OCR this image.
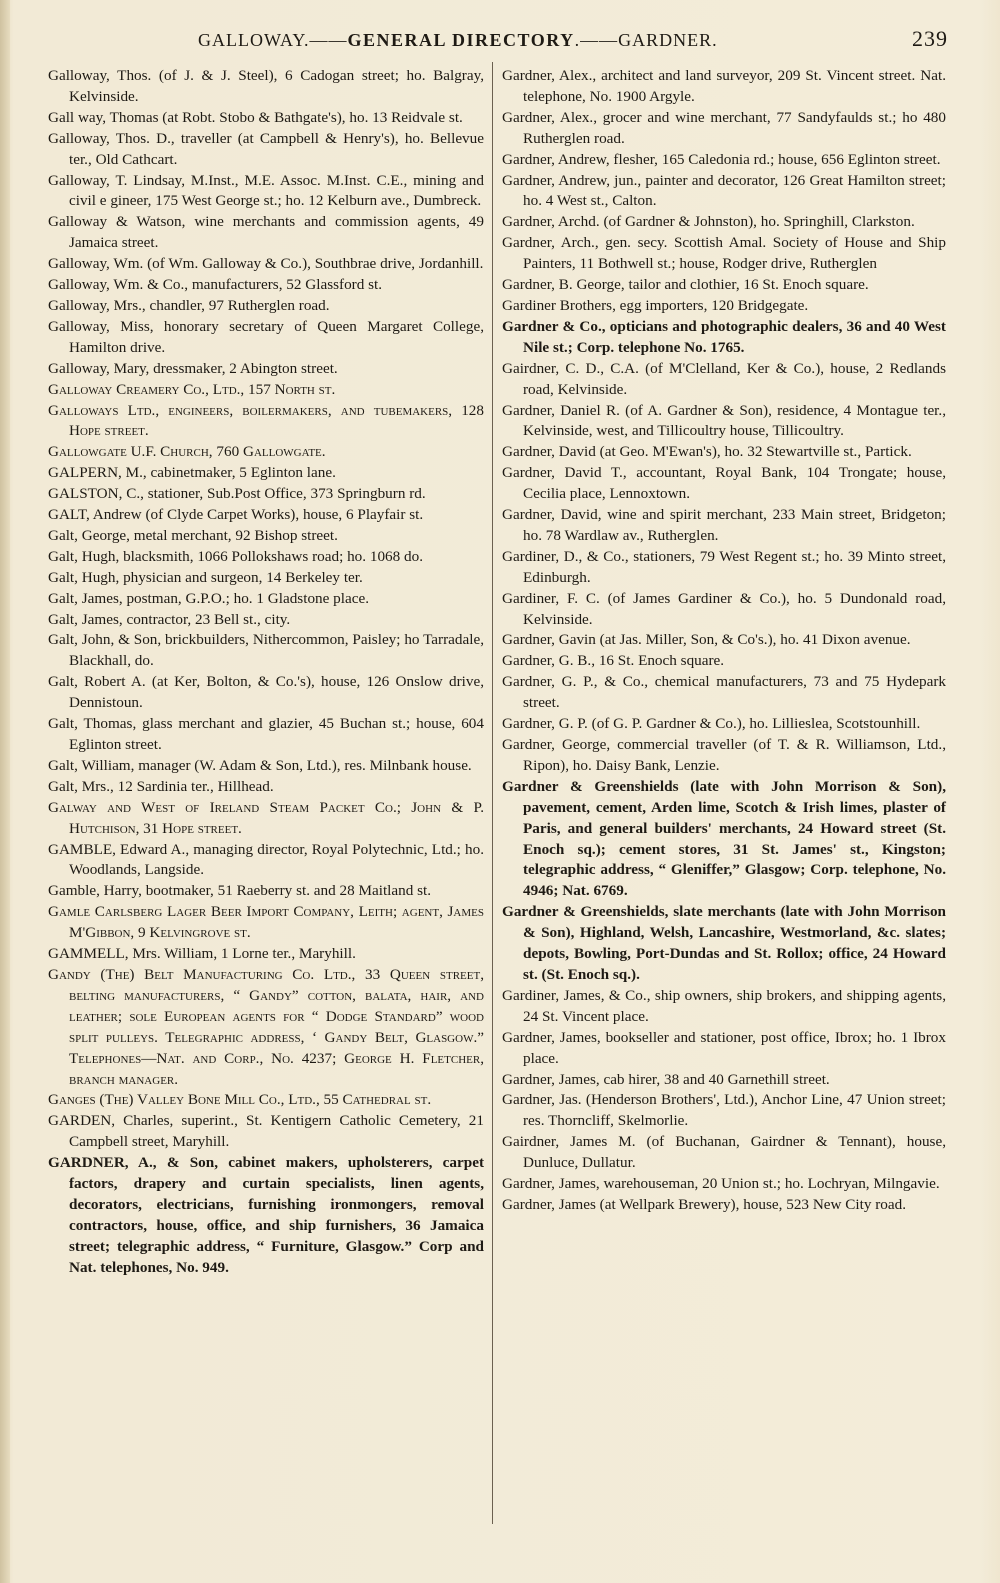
GALLOWAY.——GENERAL DIRECTORY.——GARDNER.	239

Galloway, Thos. (of J. & J. Steel), 6 Cadogan street; ho. Balgray, Kelvinside.

Gall way, Thomas (at Robt. Stobo & Bathgate's), ho. 13 Reidvale st.

Galloway, Thos. D., traveller (at Campbell & Henry's), ho. Bellevue ter., Old Cathcart.

Galloway, T. Lindsay, M.Inst., M.E. Assoc. M.Inst. C.E., mining and civil e gineer, 175 West George st.; ho. 12 Kelburn ave., Dumbreck.

Galloway & Watson, wine merchants and commission agents, 49 Jamaica street.

Galloway, Wm. (of Wm. Galloway & Co.), Southbrae drive, Jordanhill.

Galloway, Wm. & Co., manufacturers, 52 Glassford st.

Galloway, Mrs., chandler, 97 Rutherglen road.

Galloway, Miss, honorary secretary of Queen Margaret College, Hamilton drive.

Galloway, Mary, dressmaker, 2 Abington street.

Galloway Creamery Co., Ltd., 157 North st.

Galloways Ltd., engineers, boilermakers, and tubemakers, 128 Hope street.

Gallowgate U.F. Church, 760 Gallowgate.

GALPERN, M., cabinetmaker, 5 Eglinton lane.

GALSTON, C., stationer, Sub.Post Office, 373 Springburn rd.

GALT, Andrew (of Clyde Carpet Works), house, 6 Playfair st.

Galt, George, metal merchant, 92 Bishop street.

Galt, Hugh, blacksmith, 1066 Pollokshaws road; ho. 1068 do.

Galt, Hugh, physician and surgeon, 14 Berkeley ter.

Galt, James, postman, G.P.O.; ho. 1 Gladstone place.

Galt, James, contractor, 23 Bell st., city.

Galt, John, & Son, brickbuilders, Nithercommon, Paisley; ho Tarradale, Blackhall, do.

Galt, Robert A. (at Ker, Bolton, & Co.'s), house, 126 Onslow drive, Dennistoun.

Galt, Thomas, glass merchant and glazier, 45 Buchan st.; house, 604 Eglinton street.

Galt, William, manager (W. Adam & Son, Ltd.), res. Milnbank house.

Galt, Mrs., 12 Sardinia ter., Hillhead.

Galway and West of Ireland Steam Packet Co.; John & P. Hutchison, 31 Hope street.

GAMBLE, Edward A., managing director, Royal Polytechnic, Ltd.; ho. Woodlands, Langside.

Gamble, Harry, bootmaker, 51 Raeberry st. and 28 Maitland st.

Gamle Carlsberg Lager Beer Import Company, Leith; agent, James M'Gibbon, 9 Kelvingrove st.

GAMMELL, Mrs. William, 1 Lorne ter., Maryhill.

Gandy (The) Belt Manufacturing Co. Ltd., 33 Queen street, belting manufacturers, “ Gandy” cotton, balata, hair, and leather; sole European agents for “ Dodge Standard” wood split pulleys. Telegraphic address, ‘ Gandy Belt, Glasgow.” Telephones—Nat. and Corp., No. 4237; George H. Fletcher, branch manager.

Ganges (The) Valley Bone Mill Co., Ltd., 55 Cathedral st.

GARDEN, Charles, superint., St. Kentigern Catholic Cemetery, 21 Campbell street, Maryhill.

GARDNER, A., & Son, cabinet makers, upholsterers, carpet factors, drapery and curtain specialists, linen agents, decorators, electricians, furnishing ironmongers, removal contractors, house, office, and ship furnishers, 36 Jamaica street; telegraphic address, “ Furniture, Glasgow.” Corp and Nat. telephones, No. 949.

Gardner, Alex., architect and land surveyor, 209 St. Vincent street. Nat. telephone, No. 1900 Argyle.

Gardner, Alex., grocer and wine merchant, 77 Sandyfaulds st.; ho 480 Rutherglen road.

Gardner, Andrew, flesher, 165 Caledonia rd.; house, 656 Eglinton street.

Gardner, Andrew, jun., painter and decorator, 126 Great Hamilton street; ho. 4 West st., Calton.

Gardner, Archd. (of Gardner & Johnston), ho. Springhill, Clarkston.

Gardner, Arch., gen. secy. Scottish Amal. Society of House and Ship Painters, 11 Bothwell st.; house, Rodger drive, Rutherglen

Gardner, B. George, tailor and clothier, 16 St. Enoch square.

Gardiner Brothers, egg importers, 120 Bridgegate.

Gardner & Co., opticians and photographic dealers, 36 and 40 West Nile st.; Corp. telephone No. 1765.

Gairdner, C. D., C.A. (of M'Clelland, Ker & Co.), house, 2 Redlands road, Kelvinside.

Gardner, Daniel R. (of A. Gardner & Son), residence, 4 Montague ter., Kelvinside, west, and Tillicoultry house, Tillicoultry.

Gardner, David (at Geo. M'Ewan's), ho. 32 Stewartville st., Partick.

Gardner, David T., accountant, Royal Bank, 104 Trongate; house, Cecilia place, Lennoxtown.

Gardner, David, wine and spirit merchant, 233 Main street, Bridgeton; ho. 78 Wardlaw av., Rutherglen.

Gardiner, D., & Co., stationers, 79 West Regent st.; ho. 39 Minto street, Edinburgh.

Gardiner, F. C. (of James Gardiner & Co.), ho. 5 Dundonald road, Kelvinside.

Gardner, Gavin (at Jas. Miller, Son, & Co's.), ho. 41 Dixon avenue.

Gardner, G. B., 16 St. Enoch square.

Gardner, G. P., & Co., chemical manufacturers, 73 and 75 Hydepark street.

Gardner, G. P. (of G. P. Gardner & Co.), ho. Lillieslea, Scotstounhill.

Gardner, George, commercial traveller (of T. & R. Williamson, Ltd., Ripon), ho. Daisy Bank, Lenzie.

Gardner & Greenshields (late with John Morrison & Son), pavement, cement, Arden lime, Scotch & Irish limes, plaster of Paris, and general builders' merchants, 24 Howard street (St. Enoch sq.); cement stores, 31 St. James' st., Kingston; telegraphic address, “ Gleniffer,” Glasgow; Corp. telephone, No. 4946; Nat. 6769.

Gardner & Greenshields, slate merchants (late with John Morrison & Son), Highland, Welsh, Lancashire, Westmorland, &c. slates; depots, Bowling, Port-Dundas and St. Rollox; office, 24 Howard st. (St. Enoch sq.).

Gardiner, James, & Co., ship owners, ship brokers, and shipping agents, 24 St. Vincent place.

Gardner, James, bookseller and stationer, post office, Ibrox; ho. 1 Ibrox place.

Gardner, James, cab hirer, 38 and 40 Garnethill street.

Gardner, Jas. (Henderson Brothers', Ltd.), Anchor Line, 47 Union street; res. Thorncliff, Skelmorlie.

Gairdner, James M. (of Buchanan, Gairdner & Tennant), house, Dunluce, Dullatur.

Gardner, James, warehouseman, 20 Union st.; ho. Lochryan, Milngavie.

Gardner, James (at Wellpark Brewery), house, 523 New City road.
